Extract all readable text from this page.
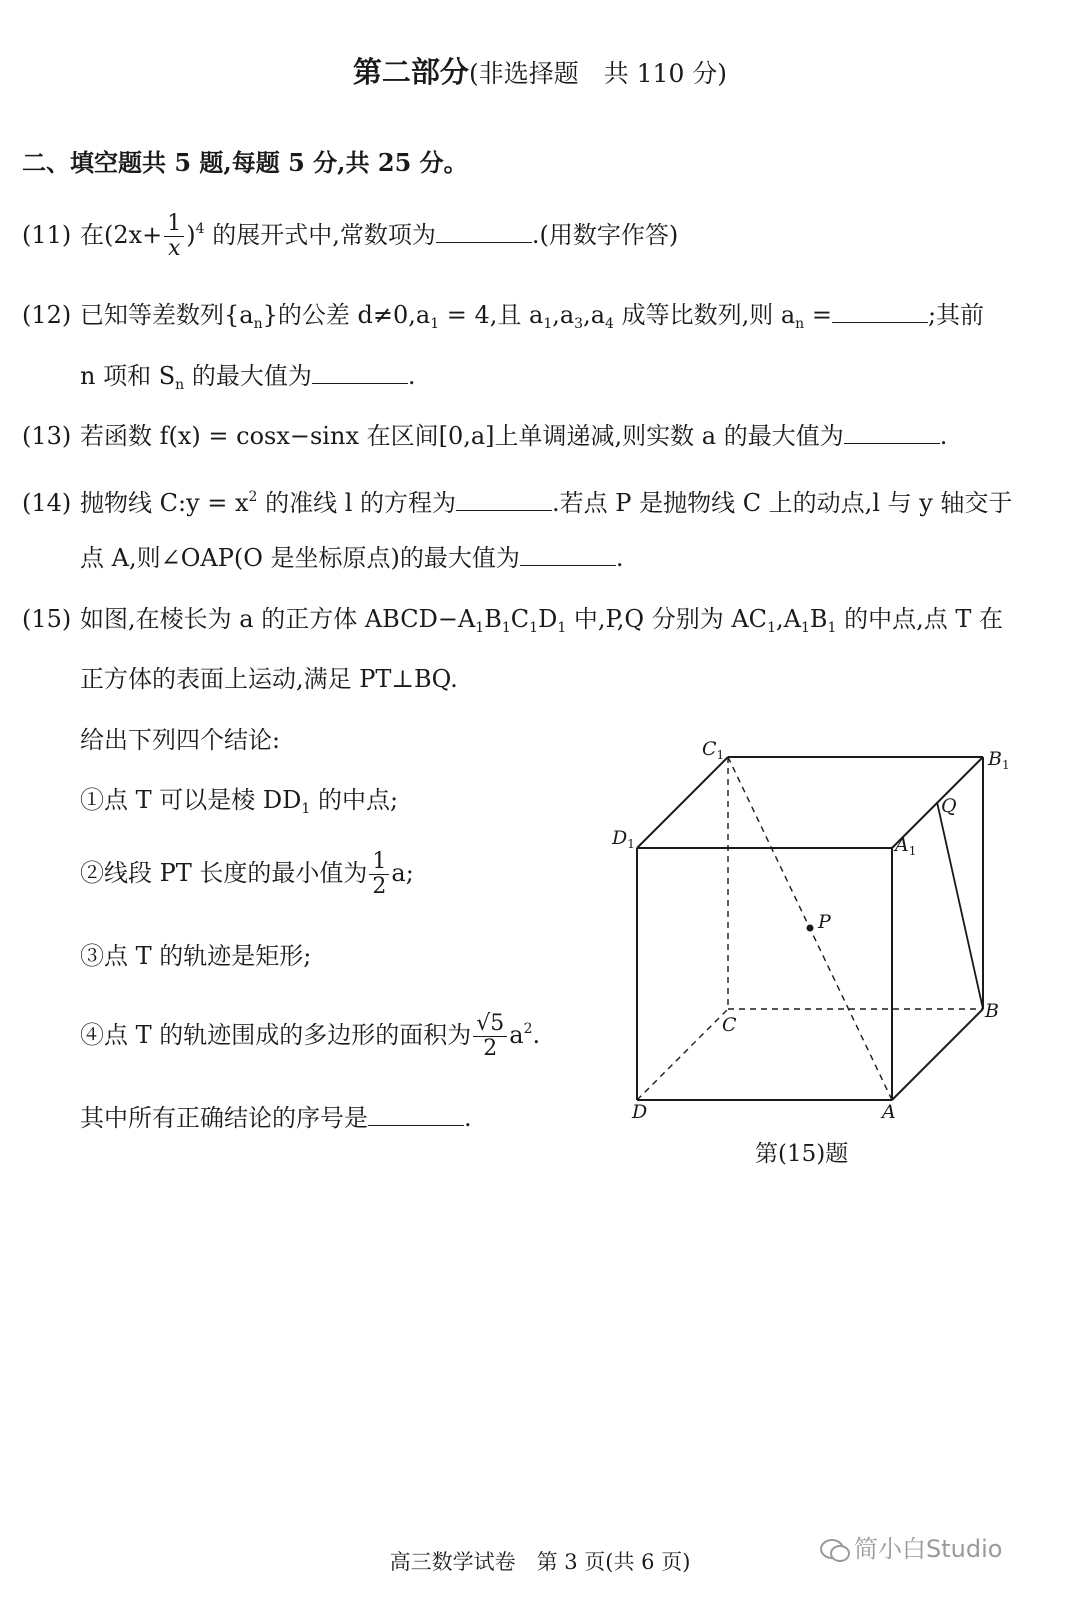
第二部分(非选择题　共 110 分)
二、填空题共 5 题,每题 5 分,共 25 分。
(11) 在$(2x+ \frac{1}{x} )^4$ 的展开式中,常数项为	.(用数字作答)
(12) 已知等差数列$\{a_n\}$的公差 $d\ne 0,a_1 = 4$,且 $a_1,a_3,a_4$ 成等比数列,则 $a_n$ =	;其前
n 项和 $S_n$ 的最大值为	.
(13) 若函数 f(x) = cosx−sinx 在区间[0,a]上单调递减,则实数 a 的最大值为	.
(14) 抛物线 C:y = $x^2$ 的准线 l 的方程为	.若点 P 是抛物线 C 上的动点,l 与 y 轴交于
点 A,则∠OAP(O 是坐标原点)的最大值为	.
(15) 如图,在棱长为 a 的正方体 $ABCD-A_1B_1C_1D_1$ 中,P,Q 分别为 $AC_1,A_1B_1$ 的中点,点 T 在
正方体的表面上运动,满足 PT⊥BQ.
给出下列四个结论:
①点 T 可以是棱 $DD_1$ 的中点;
②线段 PT 长度的最小值为 $\frac{1}{2} a$;
③点 T 的轨迹是矩形;
④点 T 的轨迹围成的多边形的面积为 $\frac{√5}{2} a^2$.
其中所有正确结论的序号是	.
$C_1$	$B_1$
$D_1$	$A_1$
Q
P
C
B
D	A
第(15)题
高三数学试卷　第 3 页(共 6 页)	简小白Studio
